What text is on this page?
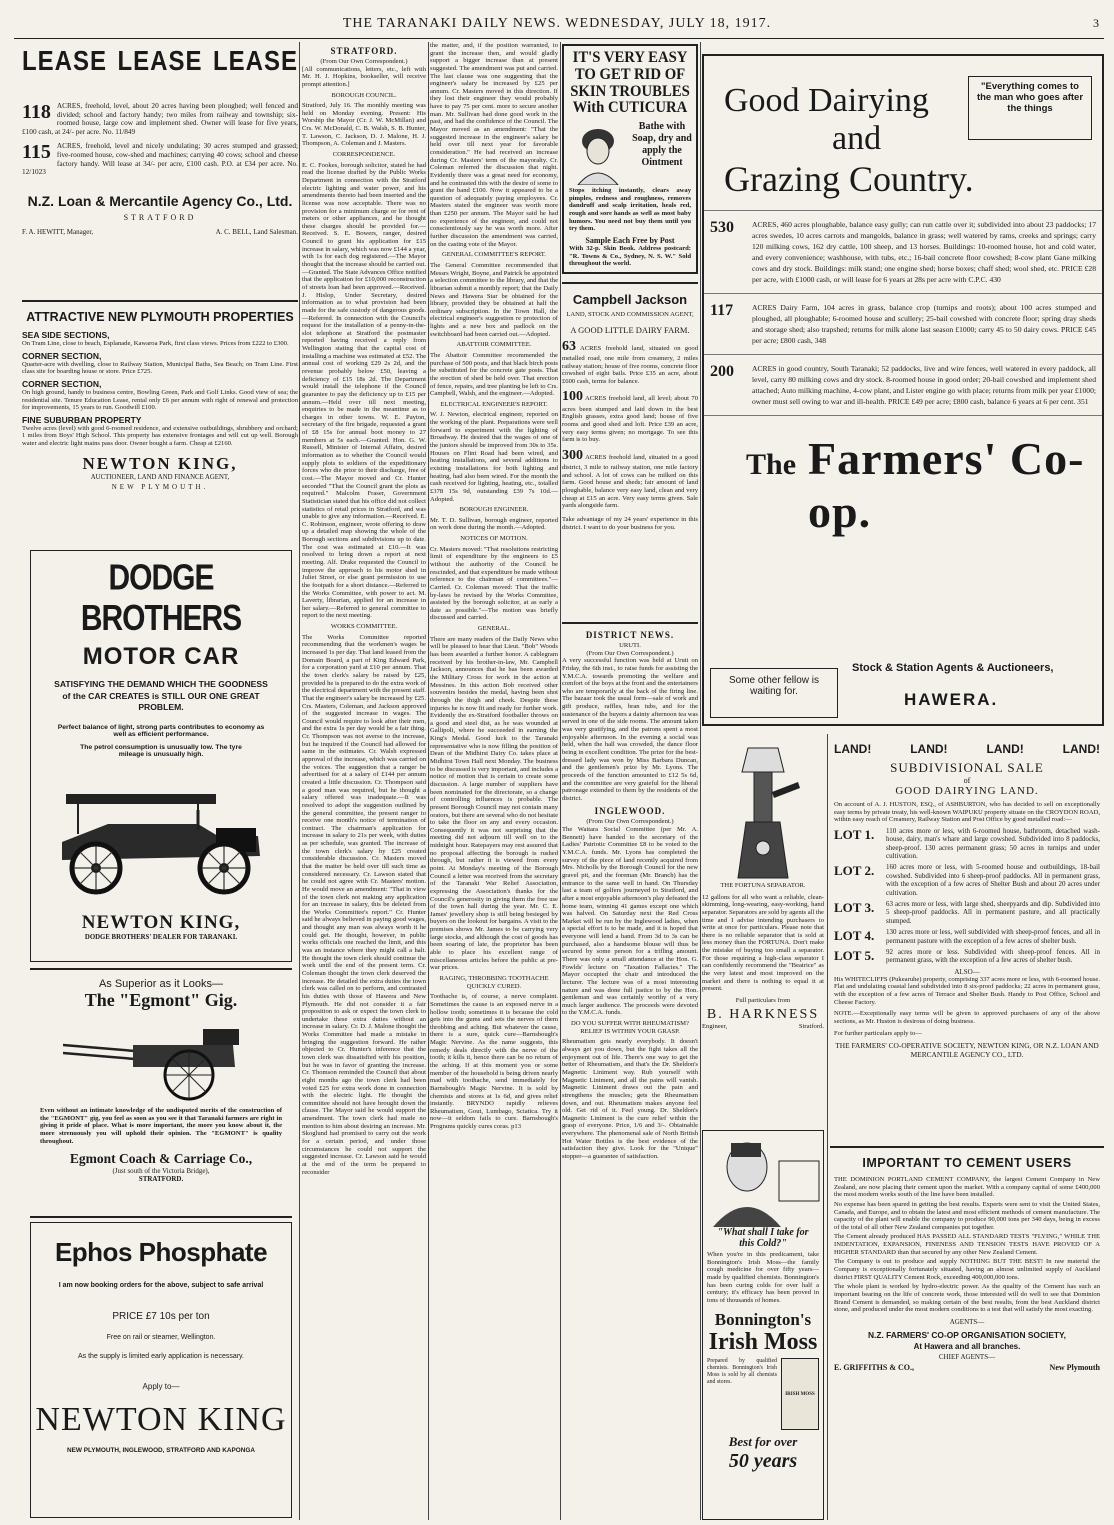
THE TARANAKI DAILY NEWS. WEDNESDAY, JULY 18, 1917.	3
LEASE LEASE LEASE
118 ACRES, freehold, level, about 20 acres having been ploughed; well fenced and divided; school and factory handy; two miles from railway and township; six-roomed house, large cow and implement shed. Owner will lease for five years, £100 cash, at 24/- per acre. No. 11/849
115 ACRES, freehold, level and nicely undulating; 30 acres stumped and grassed; five-roomed house, cow-shed and machines; carrying 40 cows; school and cheese factory handy. Will lease at 34/- per acre, £100 cash. P.O. at £34 per acre. No. 12/1023
N.Z. Loan & Mercantile Agency Co., Ltd.
STRATFORD
F. A. HEWITT, Manager,	A. C. BELL, Land Salesman.
ATTRACTIVE NEW PLYMOUTH PROPERTIES
SEA SIDE SECTIONS,
On Tram Line, close to beach, Esplanade, Kawaroa Park, first class views. Prices from £222 to £300.
CORNER SECTION,
Quarter-acre with dwelling, close to Railway Station, Municipal Baths, Sea Beach; on Tram Line. First class site for boarding house or store. Price £725.
CORNER SECTION,
On high ground, handy to business centre, Bowling Green, Park and Golf Links. Good view of sea; the residential site. Tenure Education Lease, rental only £6 per annum with right of renewal and protection for improvements, 15 years to run. Goodwill £100.
FINE SUBURBAN PROPERTY
Twelve acres (level) with good 6-roomed residence, and extensive outbuildings, shrubbery and orchard; 1 miles from Boys' High School. This property has extensive frontages and will cut up well. Borough water and electric light mains pass door. Owner bought a farm. Cheap at £2160.
NEWTON KING,
AUCTIONEER, LAND AND FINANCE AGENT,
NEW PLYMOUTH.
DODGE BROTHERS
MOTOR CAR
SATISFYING THE DEMAND WHICH THE GOODNESS of the CAR CREATES is STILL OUR ONE GREAT PROBLEM.
Perfect balance of light, strong parts contributes to economy as well as efficient performance.
The petrol consumption is unusually low. The tyre mileage is unusually high.
NEWTON KING,
DODGE BROTHERS' DEALER FOR TARANAKI.
As Superior as it Looks—
The "Egmont" Gig.
Even without an intimate knowledge of the undisputed merits of the construction of the "EGMONT" gig, you feel as soon as you see it that Taranaki farmers are right in giving it pride of place. What is more important, the more you know about it, the more strenuously you will uphold their opinion. The "EGMONT" is quality throughout.
Egmont Coach & Carriage Co.,
(Just south of the Victoria Bridge),
STRATFORD.
Ephos Phosphate
I am now booking orders for the above, subject to safe arrival
PRICE £7 10s per ton
Free on rail or steamer, Wellington.
As the supply is limited early application is necessary.
Apply to—
NEWTON KING
NEW PLYMOUTH, INGLEWOOD, STRATFORD AND KAPONGA
STRATFORD.
(From Our Own Correspondent.)

[All communications, letters, etc., left with Mr. H. J. Hopkins, bookseller, will receive prompt attention.]

BOROUGH COUNCIL.

Stratford, July 16. The monthly meeting was held on Monday evening. Present: His Worship the Mayor (Cr. J. W. McMillan) and Crs. W. McDonald, C. B. Walsh, S. B. Hunter, T. Lawson, C. Jackson, D. J. Malone, H. J. Thompson, A. Coleman and J. Masters.

CORRESPONDENCE.

E. C. Fookes, borough solicitor, stated he had read the license drafted by the Public Works Department in connection with the Stratford electric lighting and water power, and his amendments thereto had been inserted and the license was now acceptable. There was no provision for a minimum charge or for rent of meters or other appliances, and he thought these charges should be provided for.—Received. S. E. Bowers, ranger, desired Council to grant his application for £15 increase in salary, which was now £144 a year, with 1s for each dog registered.—The Mayor thought that the increase should be carried out.—Granted. The State Advances Office notified that the application for £10,000 reconstruction of streets loan had been approved.—Received. J. Hislop, Under Secretary, desired information as to what provision had been made for the safe custody of dangerous goods.—Referred. In connection with the Council's request for the installation of a penny-in-the-slot telephone at Stratford the postmaster reported having received a reply from Wellington stating that the capital cost of installing a machine was estimated at £52. The annual cost of working £29 2s 2d, and the revenue probably below £50, leaving a deficiency of £15 18s 2d. The Department would install the telephone if the Council guarantee to pay the deficiency up to £15 per annum.—Held over till next meeting, enquiries to be made in the meantime as to charges in other towns. W. E. Payton, secretary of the fire brigade, requested a grant of £8 15s for annual boot money to 27 members at 5s each.—Granted. Hon. G. W. Russell, Minister of Internal Affairs, desired information as to whether the Council would supply plots to soldiers of the expeditionary forces who die prior to their discharge, free of cost.—The Mayor moved and Cr. Hunter seconded "That the Council grant the plots as required." Malcolm Fraser, Government Statistician stated that his office did not collect statistics of retail prices in Stratford, and was unable to give any information.—Received. E. C. Robinson, engineer, wrote offering to draw up a detailed map showing the whole of the Borough sections and subdivisions up to date. The cost was estimated at £10.—It was resolved to bring down a report at next meeting. Alf. Drake requested the Council to improve the approach to his motor shed in Juliet Street, or else grant permission to use the footpath for a short distance.—Referred to the Works Committee, with power to act. M. Laverty, librarian, applied for an increase in her salary.—Referred to general committee to report to the next meeting.

WORKS COMMITTEE.

The Works Committee reported recommending that the workmen's wages be increased 1s per day. That land leased from the Domain Board, a part of King Edward Park, for a corporation yard at £10 per annum. That the town clerk's salary be raised by £25, provided he is prepared to do the extra work of the electrical department with the present staff. That the engineer's salary be increased by £25. Crs. Masters, Coleman, and Jackson approved of the suggested increase in wages. The Council would require to look after their men, and the extra 1s per day would be a fair thing. Cr. Thompson was not averse to the increase, but he inquired if the Council had allowed for same in the estimates. Cr. Walsh expressed approval of the increase, which was carried on the voices. The suggestion that a ranger be advertised for at a salary of £144 per annum created a little discussion. Cr. Thompson said a good man was required, but he thought a salary offered was inadequate.—It was resolved to adopt the suggestion outlined by the general committee, the present ranger to receive one month's notice of termination of contract. The chairman's application for increase in salary to 21s per week, with duties as per schedule, was granted. The increase of the town clerk's salary by £25 created considerable discussion. Cr. Masters moved that the matter be held over till such time as considered necessary. Cr. Lawson stated that he could not agree with Cr. Masters' motion. He would move an amendment: "That in view of the town clerk not making any application for an increase in salary, this be deleted from the Works Committee's report." Cr. Hunter said he always believed in paying good wages, and thought any man was always worth it he could get. He thought, however, in public works officials one reached the limit, and this was an instance where they might call a halt. He thought the town clerk should continue the work until the end of the present term. Cr. Coleman thought the town clerk deserved the increase. He detailed the extra duties the town clerk was called on to perform, and contrasted his duties with those of Hawera and New Plymouth. He did not consider it a fair proposition to ask or expect the town clerk to undertake these extra duties without an increase in salary. Cr. D. J. Malone thought the Works Committee had made a mistake in bringing the suggestion forward. He rather objected to Cr. Hunter's inference that the town clerk was dissatisfied with his position, but he was in favor of granting the increase. Cr. Thomson reminded the Council that about eight months ago the town clerk had been voted £25 for extra work done in connection with the electric light. He thought the committee should not have brought down the clause. The Mayor said he would support the amendment. The town clerk had made no mention to him about desiring an increase. Mr. Skoglund had promised to carry out the work for a certain period, and under those circumstances he could not support the suggested increase. Cr. Lawson said he would at the end of the term be prepared to reconsider

the matter, and, if the position warranted, to grant the increase then, and would gladly support a bigger increase than at present suggested. The amendment was put and carried. The last clause was one suggesting that the engineer's salary be increased by £25 per annum. Cr. Masters moved in this direction. If they lost their engineer they would probably have to pay 75 per cent. more to secure another man. Mr. Sullivan had done good work in the past, and had the confidence of the Council. The Mayor moved as an amendment: "That the suggested increase in the engineer's salary be held over till next year for favorable consideration." He had received an increase during Cr. Masters' term of the mayoralty. Cr. Coleman referred the discussion that night. Evidently there was a great need for economy, and he contrasted this with the desire of some to grant the band £100. Now it appeared to be a question of adequately paying employees. Cr. Masters stated the engineer was worth more than £250 per annum. The Mayor said he had no experience of the engineer, and could not conscientiously say he was worth more. After further discussion the amendment was carried, on the casting vote of the Mayor.

GENERAL COMMITTEE'S REPORT.

The General Committee recommended that Messrs Wright, Boyne, and Patrick be appointed a selection committee to the library, and that the librarian submit a monthly report; that the Daily News and Hawera Star be obtained for the library, provided they be obtained at half the ordinary subscription. In the Town Hall, the electrical engineer's suggestion re protection of lights and a new box and padlock on the switchboard had been carried out.—Adopted.

ABATTOIR COMMITTEE.

The Abattoir Committee recommended the purchase of 500 posts, and that black birch posts be substituted for the concrete gate posts. That the erection of shed be held over. That erection of fence, repairs, and tree planting be left to Crs. Campbell, Walsh, and the engineer.—Adopted.

ELECTRICAL ENGINEER'S REPORT.

W. J. Newton, electrical engineer, reported on the working of the plant. Preparations were well forward to experiment with the lighting of Broadway. He desired that the wages of one of the juniors should be improved from 30s to 35s. Houses on Flint Road had been wired, and heating installations, and several additions to existing installations for both lighting and heating, had also been wired. For the month the cash received for lighting, heating, etc., totalled £378 15s 9d, outstanding £39 7s 10d.—Adopted.

BOROUGH ENGINEER.

Mr. T. D. Sullivan, borough engineer, reported on work done during the month.—Adopted.

NOTICES OF MOTION.

Cr. Masters moved: "That resolutions restricting limit of expenditure by the engineers to £5 without the authority of the Council be rescinded, and that expenditure be made without reference to the chairman of committees."—Carried. Cr. Coleman moved: That the traffic by-laws be revised by the Works Committee, assisted by the borough solicitor, at as early a date as possible."—The motion was briefly discussed and carried.

GENERAL.

There are many readers of the Daily News who will be pleased to hear that Lieut. "Bob" Woods has been awarded a further honor. A cablegram received by his brother-in-law, Mr. Campbell Jackson, announces that he has been awarded the Military Cross for work in the action at Messines. In this action Bob received other souvenirs besides the medal, having been shot through the thigh and cheek. Despite these injuries he is now fit and ready for further work. Evidently the ex-Stratford footballer throws on a good and steel dist, as he was wounded at Gallipoli, where he succeeded in earning the King's Medal. Good luck to the Taranaki representative who is now filling the position of Dean of the Midhirst Dairy Co. takes place at Midhirst Town Hall next Monday. The business to be discussed is very important, and includes a notice of motion that is certain to create some discussion. A large number of suppliers have been nominated for the directorate, so a change of controlling influences is probable. The present Borough Council may not contain many orators, but there are several who do not hesitate to take the floor on any and every occasion. Consequently it was not surprising that the meeting did not adjourn till well on to the midnight hour. Ratepayers may rest assured that no proposal affecting the borough is rushed through, but rather it is viewed from every point. At Monday's meeting of the Borough Council a letter was received from the secretary of the Taranaki War Relief Association, expressing the Association's thanks for the Council's generosity in giving them the free use of the town hall during the year. Mr. C. E. James' jewellery shop is still being besieged by buyers on the lookout for bargains. A visit to the premises shows Mr. James to be carrying very large stocks, and although the cost of goods has been soaring of late, the proprietor has been able to place his excellent range of miscellaneous articles before the public at pre-war prices.

RAGING, THROBBING TOOTHACHE QUICKLY CURED.

Toothache is, of course, a nerve complaint. Sometimes the cause is an exposed nerve in a hollow tooth; sometimes it is because the cold gets into the gums and sets the nerves of them throbbing and aching. But whatever the cause, there is a sure, quick cure—Barnsbough's Magic Nervine. As the name suggests, this remedy deals directly with the nerve of the tooth; it kills it, hence there can be no return of the aching. If at this moment you or some member of the household is being driven nearly mad with toothache, send immediately for Barnsbough's Magic Nervine. It is sold by chemists and stores at 1s 6d, and gives relief instantly. BRYNDO rapidly relieves Rheumatism, Gout, Lumbago, Sciatica. Try it now—it seldom fails to cure. Barnsbough's Programs quickly cures coras. p13

IT'S VERY EASY TO GET RID OF SKIN TROUBLES With CUTICURA
Bathe with Soap, dry and apply the Ointment
Stops itching instantly, clears away pimples, redness and roughness, removes dandruff and scalp irritation, heals red, rough and sore hands as well as most baby humors. You need not buy them until you try them.
Sample Each Free by Post
With 32-p. Skin Book. Address postcard: "R. Towns & Co., Sydney, N. S. W." Sold throughout the world.
Campbell Jackson
LAND, STOCK AND COMMISSION AGENT,
A GOOD LITTLE DAIRY FARM.
63 ACRES freehold land, situated on good metalled road, one mile from creamery, 2 miles railway station; house of five rooms, concrete floor cowshed of eight bails. Price £35 an acre, about £600 cash, terms for balance.
100 ACRES freehold land, all level; about 70 acres been stumped and laid down in the best English grasses, extra good land; house of five rooms and good shed and loft. Price £39 an acre, very easy terms given; no mortgage. To see this farm is to buy.
300 ACRES freehold land, situated in a good district, 3 mile to railway station, one mile factory and school. A lot of cows can be milked on this farm. Good house and sheds; fair amount of land ploughable, balance very easy land, clean and very cheap at £15 an acre. Very easy terms given. Sale yards alongside farm.
Take advantage of my 24 years' experience in this district. I want to do your business for you.
DISTRICT NEWS.
URUTI.
(From Our Own Correspondent.)

A very successful function was held at Uruti on Friday, the 6th inst., to raise funds for assisting the Y.M.C.A. towards promoting the welfare and comfort of the boys at the front and the entertainers who are temporarily at the back of the firing line. The bazaar took the usual form—sale of work and gift produce, raffles, bran tubs, and for the sustenance of the buyers a dainty afternoon tea was served in one of the side rooms. The amount taken was very gratifying, and the patrons spent a most enjoyable afternoon. In the evening a social was held, when the hall was crowded, the dance floor being in excellent condition. The prize for the best-dressed lady was won by Miss Barbara Duncan, and the gentlemen's prize by Mr. Lyons. The proceeds of the function amounted to £12 5s 6d, and the committee are very grateful for the liberal patronage extended to them by the residents of the district.

INGLEWOOD.
(From Our Own Correspondent.)

The Waitara Social Committee (per Mr. A. Bennett) have handed to the secretary of the Ladies' Patriotic Committee £8 to be voted to the Y.M.C.A. funds. Mr. Lyons has completed the survey of the piece of land recently acquired from Mrs. Nicholls by the Borough Council for the new gravel pit, and the foreman (Mr. Branch) has the entrance to the same well in hand. On Thursday last a team of golfers journeyed to Stratford, and after a most enjoyable afternoon's play defeated the home team, winning 41 games except one which was halved. On Saturday next the Red Cross Market will be run by the Inglewood ladies, when a special effort is to be made, and it is hoped that everyone will lend a hand. From 3d to 3s can be purchased, also a handsome blouse will thus be secured by some person for a trifling amount. There was only a small attendance at the Hon. G. Fowlds' lecture on "Taxation Fallacies." The Mayor occupied the chair and introduced the lecturer. The lecture was of a most interesting nature and was done full justice to by the Hon. gentleman and was certainly worthy of a very much larger audience. The proceeds were devoted to the Y.M.C.A. funds.

DO YOU SUFFER WITH RHEUMATISM? RELIEF IS WITHIN YOUR GRASP.

Rheumatism gets nearly everybody. It doesn't always get you down, but the fight takes all the enjoyment out of life. There's one way to get the better of Rheumatism, and that's the Dr. Sheldon's Magnetic Liniment way. Rub yourself with Magnetic Liniment, and all the pains will vanish. Magnetic Liniment draws out the pain and strengthens the muscles; gets the Rheumatism down, and out. Rheumatism makes anyone feel old. Get rid of it. Feel young. Dr. Sheldon's Magnetic Liniment is the cure relief within the grasp of everyone. Price, 1/6 and 3/-. Obtainable everywhere. The phenomenal sale of North British Hot Water Bottles is the best evidence of the satisfaction they give. Look for the "Unique" stopper—a guarantee of satisfaction.

THE FORTUNA SEPARATOR.

12 gallons for all who want a reliable, clean-skimming, long-wearing, easy-working, hand separator. Separators are sold by agents all the time and I advise intending purchasers to write at once for particulars. Please note that there is no reliable separator that is sold at less money than the FORTUNA. Don't make the mistake of buying too small a separator. For those requiring a high-class separator I can confidently recommend the "Beatrice" as the very latest and most improved on the market and there is nothing to equal it at present.

Full particulars from
B. HARKNESS
Engineer,	Stratford.
"What shall I take for this Cold?"

When you're in this predicament, take Bonnington's Irish Moss—the family cough medicine for over fifty years—made by qualified chemists. Bonnington's has been curing colds for over half a century; it's efficacy has been proved in tons of thousands of homes.

Bonnington's
Irish Moss
Prepared by qualified chemists. Bonnington's Irish Moss is sold by all chemists and stores.
IRISH MOSS
Best for over
50 years
"Everything comes to the man who goes after the things
Good Dairying
and
Grazing Country.
530	ACRES, 460 acres ploughable, balance easy gully; can run cattle over it; subdivided into about 23 paddocks; 17 acres swedes, 10 acres carrots and mangolds, balance in grass; well watered by rams, creeks and springs; carry 120 milking cows, 162 dry cattle, 100 sheep, and 13 horses. Buildings: 10-roomed house, hot and cold water, and every convenience; washhouse, with tubs, etc.; 16-bail concrete floor cowshed; 8-cow plant Gane milking cows and dry stock. Buildings: milk stand; one engine shed; horse boxes; chaff shed; wool shed, etc. PRICE £28 per acre, with £1000 cash, or will lease for 6 years at 28s per acre with C.P.C. 430
117	ACRES Dairy Farm, 104 acres in grass, balance crop (turnips and roots); about 100 acres stumped and ploughed, all ploughable; 6-roomed house and scullery; 25-bail cowshed with concrete floor; spring dray sheds and storage shed; also trapshed; returns for milk alone last season £1000; carry 45 to 50 dairy cows. PRICE £45 per acre; £800 cash, 348
200	ACRES in good country, South Taranaki; 52 paddocks, live and wire fences, well watered in every paddock, all level, carry 80 milking cows and dry stock. 8-roomed house in good order; 20-bail cowshed and implement shed attached; Auto milking machine, 4-cow plant, and Lister engine go with place; returns from milk per year £1000; owner must sell owing to war and ill-health. PRICE £49 per acre; £800 cash, balance 6 years at 6 per cent. 351
The Farmers' Co-op.
Some other fellow is waiting for.
Stock & Station Agents & Auctioneers,
HAWERA.
LAND!	LAND!	LAND!	LAND!
SUBDIVISIONAL SALE
of
GOOD DAIRYING LAND.

On account of A. J. HUSTON, ESQ., of ASHBURTON, who has decided to sell on exceptionally easy terms by private treaty, his well-known WAIPUKU property situate on the CROYDON ROAD, within easy reach of Creamery, Railway Station and Post Office by good metalled road:—

LOT 1.	110 acres more or less, with 6-roomed house, bathroom, detached wash-house, dairy, man's whare and large cowshed. Subdivided into 8 paddocks, sheep-proof. 130 acres permanent grass; 50 acres in turnips and under cultivation.
LOT 2.	160 acres more or less, with 5-roomed house and outbuildings, 18-bail cowshed. Subdivided into 6 sheep-proof paddocks. All in permanent grass, with the exception of a few acres of Shelter Bush and about 20 acres under cultivation.
LOT 3.	63 acres more or less, with large shed, sheepyards and dip. Subdivided into 5 sheep-proof paddocks. All in permanent pasture, and all practically stumped.
LOT 4.	130 acres more or less, well subdivided with sheep-proof fences, and all in permanent pasture with the exception of a few acres of shelter bush.
LOT 5.	92 acres more or less. Subdivided with sheep-proof fences. All in permanent grass, with the exception of a few acres of shelter bush.
ALSO—

His WHITECLIFFS (Pukearuhe) property, comprising 337 acres more or less, with 6-roomed house. Flat and undulating coastal land subdivided into 8 six-proof paddocks; 22 acres in permanent grass, with the exception of a few acres of Terrace and Shelter Bush. Handy to Post Office, School and Cheese Factory.

NOTE.—Exceptionally easy terms will be given to approved purchasers of any of the above sections, as Mr. Huston is desirous of doing business.

For further particulars apply to—

THE FARMERS' CO-OPERATIVE SOCIETY, NEWTON KING, OR N.Z. LOAN AND MERCANTILE AGENCY CO., LTD.
IMPORTANT TO CEMENT USERS

THE DOMINION PORTLAND CEMENT COMPANY, the largest Cement Company in New Zealand, are now placing their cement upon the market. With a company capital of some £400,000 the most modern works south of the line have been installed.

No expense has been spared in getting the best results. Experts were sent to visit the United States, Canada, and Europe, and to obtain the latest and most efficient methods of cement manufacture. The capacity of the plant will enable the company to produce 90,000 tons per 340 days, being in excess of the total of all other New Zealand companies put together.

The Cement already produced HAS PASSED ALL STANDARD TESTS "FLYING," WHILE THE INDENTATION, EXPANSION, FINENESS AND TENSION TESTS HAVE PROVED OF A HIGHER STANDARD than that secured by any other New Zealand Cement.

The Company is out to produce and supply NOTHING BUT THE BEST! In raw material the Company is exceptionally fortunately situated, having an almost unlimited supply of Auckland district FIRST QUALITY Cement Rock, exceeding 400,000,000 tons.

The whole plant is worked by hydro-electric power. As the quality of the Cement has such an important bearing on the life of concrete work, those interested will do well to see that Dominion Brand Cement is demanded, so making certain of the best results, from the best Auckland district stone, and produced under the most modern conditions to a test that will satisfy the most exacting.

AGENTS—
N.Z. FARMERS' CO-OP ORGANISATION SOCIETY,
At Hawera and all branches.
CHIEF AGENTS—
E. GRIFFITHS & CO.,	New Plymouth
